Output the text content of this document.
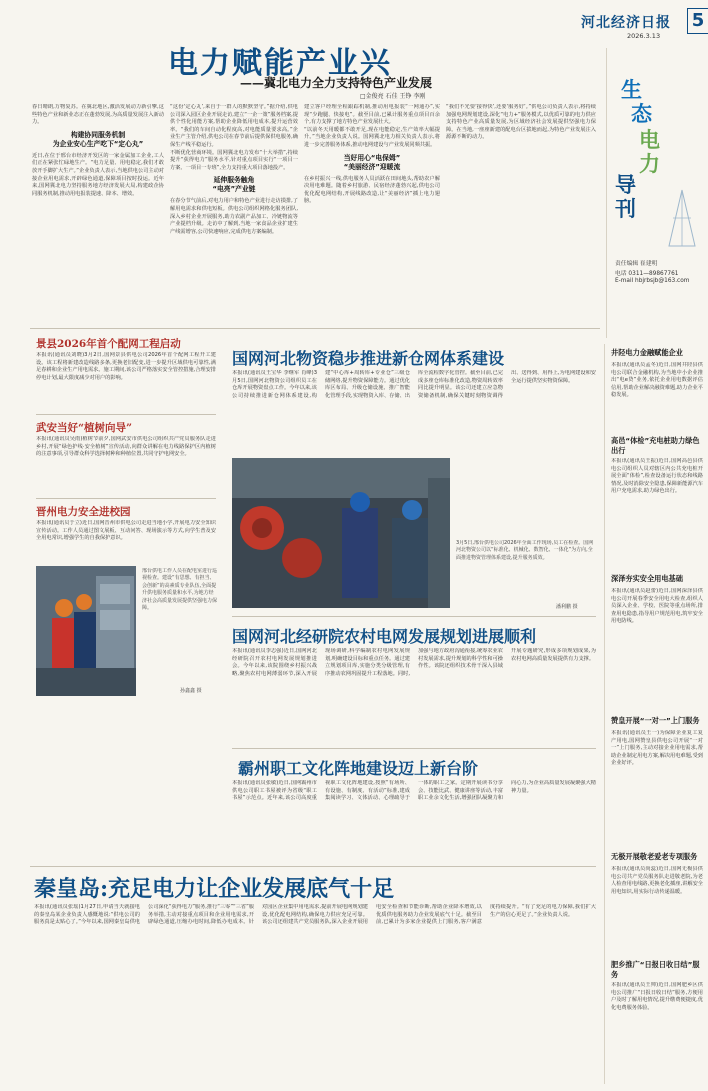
河北经济日报 5
2026.3.13
生
态
电
力
导
刊
责任编辑 崔建明
电话 0311—89867761
E-mail hbjrbsjb@163.com
电力赋能产业兴
——冀北电力全力支持特色产业发展
□金俊亮 石佳 王铮 李刚
春日晴朗,万物复苏。在冀北地区,激活发展动力新引擎,这些特色产业和新业态正在蓬勃发展,为高质量发展注入新动力。
构建协同服务机制
为企业安心生产吃下“定心丸”
近日,在位于邢台市经济开发区的一家金属加工企业,工人们正在紧张忙碌地生产。“电力足量、用电稳定,我们才敢放开手脚扩大生产。”企业负责人表示,当地供电公司主动对接企业用电需求,开辟绿色通道,保障项目按时投运。近年来,国网冀北电力坚持服务地方经济发展大局,构建政企协同服务机制,推动用电报装提速、降本、增效。
“这份‘定心丸’,来自于一群人的默默坚守。”据介绍,供电公司深入园区企业开展走访,建立“一企一策”服务档案,提供个性化用能方案,帮助企业降低用电成本,提升运营效率。“我们的车间自动化程度高,对电能质量要求高。”企业生产主管介绍,供电公司在春节前后提供保供电服务,确保生产线平稳运行。
不断优化营商环境。国网冀北电力发布“十大举措”,持续提升“获得电力”服务水平,针对重点项目实行“一项目一方案、一项目一专班”,全力支持重大项目落地投产。
延伸服务触角
“电亮”产业链
在春分节气前后,对电力用户和特色产业进行走访摸排,了解用电需求和供电短板。供电公司组织网格化服务团队,深入乡村企业开展服务,助力农副产品加工、冷链物流等产业提档升级。走访中了解到,当地一家食品企业扩建生产线需增容,公司快速响应,完成供电方案编制。
建立客户经理全程跟踪机制,推动用电报装“一网通办”,实现“少跑腿、快接电”。截至目前,已累计服务重点项目百余个,有力支撑了地方特色产业发展壮大。
“以前冬天用暖都不敢开足,现在电能稳定,生产效率大幅提升。”当地企业负责人说。国网冀北电力相关负责人表示,将进一步完善服务体系,推动电网建设与产业发展同频共振。
当好用心“电保姆”
“美丽经济”迎暖流
在乡村振兴一线,供电服务人员活跃在田间地头,帮助农户解决用电难题。随着乡村旅游、民宿经济蓬勃兴起,供电公司优化配电网结构,开展线路改造,让“美丽经济”插上电力翅膀。
“我们不光要‘接得快’,还要‘服务好’。”供电公司负责人表示,将持续加强电网规划建设,深化“电力+”服务模式,以优质可靠的电力供应支持特色产业高质量发展,为区域经济社会发展提供坚强电力保障。在当地,一座座新建的配电台区拔地而起,为特色产业发展注入源源不断的动力。
景县2026年首个配网工程启动
本报讯(通讯员刘晓)3月2日,国网景县供电公司2026年首个配网工程开工建设。该工程将新建改造线路多条,更换老旧配变,进一步提升区域供电可靠性,满足春耕和企业生产用电需求。施工期间,该公司严格落实安全管控措施,合理安排停电计划,最大限度减少对用户的影响。
武安当好“植树向导”
本报讯(通讯员吴雨)植树节前夕,国网武安市供电公司组织共产党员服务队走进乡村,开展“绿色护线·安全植树”宣传活动,向群众讲解在电力线路保护区内植树的注意事项,引导群众科学选择树种和种植位置,共同守护电网安全。
晋州电力安全进校园
本报讯(通讯员于立)近日,国网晋州市供电公司走进当地小学,开展电力安全知识宣传活动。工作人员通过图文展板、互动问答、现场演示等方式,向学生普及安全用电常识,增强学生的自我保护意识。
邢台供电工作人员在配电室进行巡视检查。建设“有思想、有担当、会创新”的高素质专业队伍,全面提升供电服务质量和水平,为地方经济社会高质量发展提供坚强电力保障。
孙鑫鑫 摄
国网河北物资稳步推进新仓网体系建设
本报讯(通讯员王宝华 李继军 肖峰)3月5日,国网河北物资公司组织员工在仓库开展物资盘点工作。今年以来,该公司持续推进新仓网体系建设,构建“中心库+周转库+专业仓”三级仓储网络,提升物资保障能力。通过优化库区布局、升级仓储设施、推广智能化管理手段,实现物资入库、存储、出库全流程数字化管控。截至目前,已完成多座仓库标准化改造,物资周转效率同比提升明显。该公司还建立应急物资储备机制,确保关键时刻物资调得出、送得到、用得上,为电网建设和安全运行提供坚实物资保障。
3月5日,邢台供电公司2026年全面工作现场,员工在检查。国网河北物资公司以“标准化、机械化、数智化、一体化”为方向,全面推进物资管理体系建设,提升服务质效。
潘利鹏 摄
国网河北经研院农村电网发展规划进展顺利
本报讯(通讯员李志强)近日,国网河北经研院召开农村电网发展规划推进会。今年以来,该院围绕乡村振兴战略,聚焦农村电网薄弱环节,深入开展现场调研,科学编制农村电网发展规划,明确建设目标和重点任务。通过建立规划项目库,实施分类分级管理,有序推动农网巩固提升工程落地。同时,加强与地方政府沟通衔接,统筹农业农村发展需求,提升规划的科学性和可操作性。该院还组织技术骨干深入县域开展专题研究,形成多项规划成果,为农村电网高质量发展提供有力支撑。
霸州职工文化阵地建设迈上新台阶
本报讯(通讯员张敏)近日,国网霸州市供电公司职工书屋被评为省级“职工书屋”示范点。近年来,该公司高度重视职工文化阵地建设,按照“有场所、有设施、有制度、有活动”标准,建成集阅读学习、文体活动、心理疏导于一体的职工之家。定期开展读书分享会、技能比武、健康讲座等活动,丰富职工业余文化生活,增强团队凝聚力和向心力,为企业高质量发展凝聚强大精神力量。
秦皇岛:充足电力让企业发展底气十足
本报讯(通讯员张瑶)1月27日,申请当天就接电的秦皇岛某企业负责人感慨地说:“供电公司的服务真是太贴心了。”今年以来,国网秦皇岛供电公司深化“获得电力”服务,推行“三零”“三省”服务举措,主动对接重点项目和企业用电需求,开辟绿色通道,压缩办电时间,降低办电成本。针对园区企业集中用电需求,提前开展电网规划建设,优化配电网结构,确保电力供应充足可靠。该公司还组建共产党员服务队,深入企业开展用电安全检查和节能诊断,帮助企业降本增效,以优质供电服务助力企业发展底气十足。截至目前,已累计为多家企业提供上门服务,客户满意度持续提升。“有了充足的电力保障,我们扩大生产的信心更足了。”企业负责人说。
井陉电力金融赋能企业
本报讯(通讯员孟冬)近日,国网井陉县供电公司联合金融机构,为当地中小企业推出“电e贷”业务,依托企业用电数据评估信用,帮助企业解决融资难题,助力企业平稳发展。
高邑“体检”充电桩助力绿色出行
本报讯(通讯员王振)近日,国网高邑县供电公司组织人员对辖区内公共充电桩开展全面“体检”,检查设备运行状态和线路情况,及时消除安全隐患,保障新能源汽车用户充电需求,助力绿色出行。
深泽夯实安全用电基础
本报讯(通讯员赵蕾)近日,国网深泽县供电公司开展春季安全用电大检查,组织人员深入企业、学校、医院等重点场所,排查用电隐患,指导用户规范用电,筑牢安全用电防线。
赞皇开展“一对一”上门服务
本报讯(通讯员王一)为保障企业复工复产用电,国网赞皇县供电公司开展“一对一”上门服务,主动对接企业用电需求,帮助企业制定用电方案,解决用电难题,受到企业好评。
无极开展敬老爱老专项服务
本报讯(通讯员尚蕊)近日,国网无极县供电公司共产党员服务队走进敬老院,为老人检查用电线路,更换老化插座,讲解安全用电知识,用实际行动传递温暖。
肥乡推广“日报日收日结”服务
本报讯(通讯员王帅)近日,国网肥乡区供电公司推广“日报日收日结”服务,方便用户及时了解用电情况,提升缴费便捷度,优化电费服务体验。
